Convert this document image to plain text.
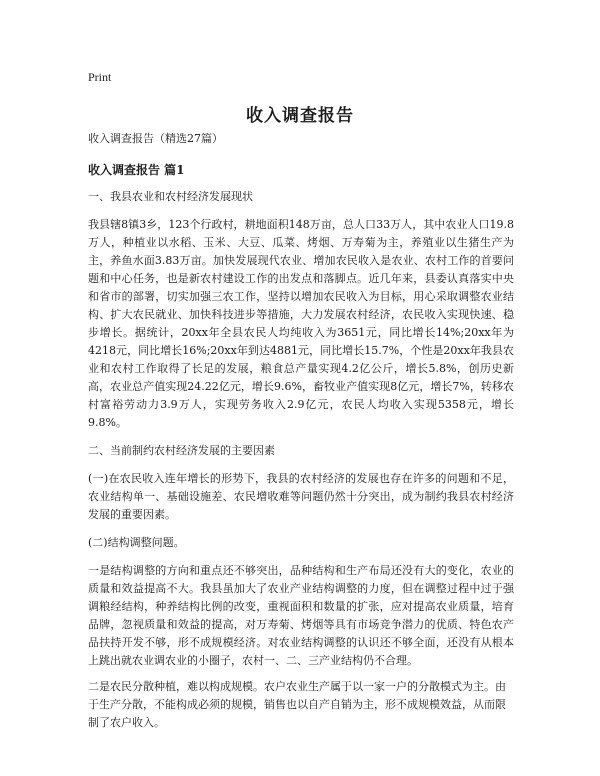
Print
收入调查报告

收入调查报告（精选27篇）

收入调查报告 篇1

一、我县农业和农村经济发展现状

我县辖8镇3乡，123个行政村，耕地面积148万亩，总人口33万人，其中农业人口19.8万人，种植业以水稻、玉米、大豆、瓜菜、烤烟、万寿菊为主，养殖业以生猪生产为主，养鱼水面3.83万亩。加快发展现代农业、增加农民收入是农业、农村工作的首要问题和中心任务，也是新农村建设工作的出发点和落脚点。近几年来，县委认真落实中央和省市的部署，切实加强三农工作，坚持以增加农民收入为目标，用心采取调整农业结构、扩大农民就业、加快科技进步等措施，大力发展农村经济，农民收入实现快速、稳步增长。据统计，20xx年全县农民人均纯收入为3651元，同比增长14%;20xx年为4218元，同比增长16%;20xx年到达4881元，同比增长15.7%，个性是20xx年我县农业和农村工作取得了长足的发展，粮食总产量实现4.2亿公斤，增长5.8%，创历史新高，农业总产值实现24.22亿元，增长9.6%，畜牧业产值实现8亿元，增长7%，转移农村富裕劳动力3.9万人，实现劳务收入2.9亿元，农民人均收入实现5358元，增长9.8%。

二、当前制约农村经济发展的主要因素

(一)在农民收入连年增长的形势下，我县的农村经济的发展也存在许多的问题和不足，农业结构单一、基础设施差、农民增收难等问题仍然十分突出，成为制约我县农村经济发展的重要因素。

(二)结构调整问题。

一是结构调整的方向和重点还不够突出，品种结构和生产布局还没有大的变化，农业的质量和效益提高不大。我县虽加大了农业产业结构调整的力度，但在调整过程中过于强调粮经结构，种养结构比例的改变，重视面积和数量的扩张，应对提高农业质量，培育品牌，忽视质量和效益的提高，对万寿菊、烤烟等具有市场竞争潜力的优质、特色农产品扶持开发不够，形不成规模经济。对农业结构调整的认识还不够全面，还没有从根本上跳出就农业调农业的小圈子，农村一、二、三产业结构仍不合理。

二是农民分散种植，难以构成规模。农户农业生产属于以一家一户的分散模式为主。由于生产分散，不能构成必须的规模，销售也以自产自销为主，形不成规模效益，从而限制了农户收入。
